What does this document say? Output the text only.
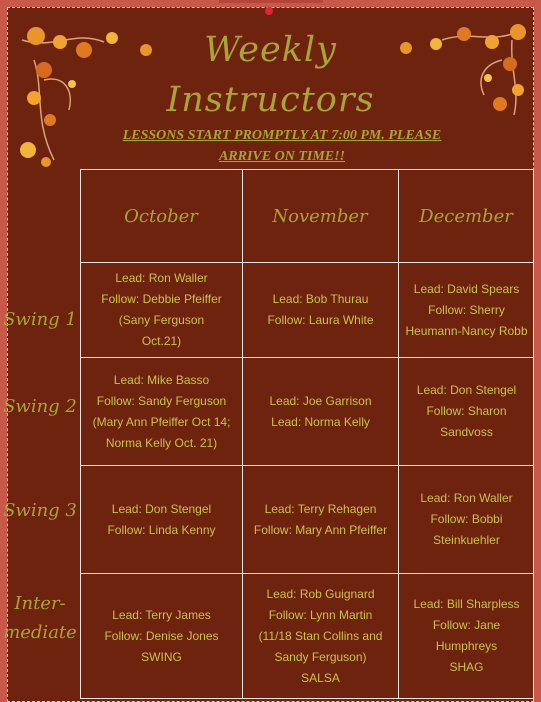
Weekly
Instructors
LESSONS START PROMPTLY AT 7:00 PM. PLEASE
ARRIVE ON TIME!!
October	November	December
Swing 1
Swing 2
Swing 3
Inter-
mediate
Lead: Ron Waller
Follow: Debbie Pfeiffer
(Sany Ferguson
Oct.21)
Lead: Bob Thurau
Follow: Laura White
Lead: David Spears
Follow: Sherry
Heumann-Nancy Robb
Lead: Mike Basso
Follow: Sandy Ferguson
(Mary Ann Pfeiffer Oct 14;
Norma Kelly Oct. 21)
Lead: Joe Garrison
Lead: Norma Kelly
Lead: Don Stengel
Follow: Sharon
Sandvoss
Lead: Don Stengel
Follow: Linda Kenny
Lead: Terry Rehagen
Follow: Mary Ann Pfeiffer
Lead: Ron Waller
Follow: Bobbi
Steinkuehler
Lead: Terry James
Follow: Denise Jones
SWING
Lead: Rob Guignard
Follow: Lynn Martin
(11/18 Stan Collins and
Sandy Ferguson)
SALSA
Lead: Bill Sharpless
Follow: Jane
Humphreys
SHAG
